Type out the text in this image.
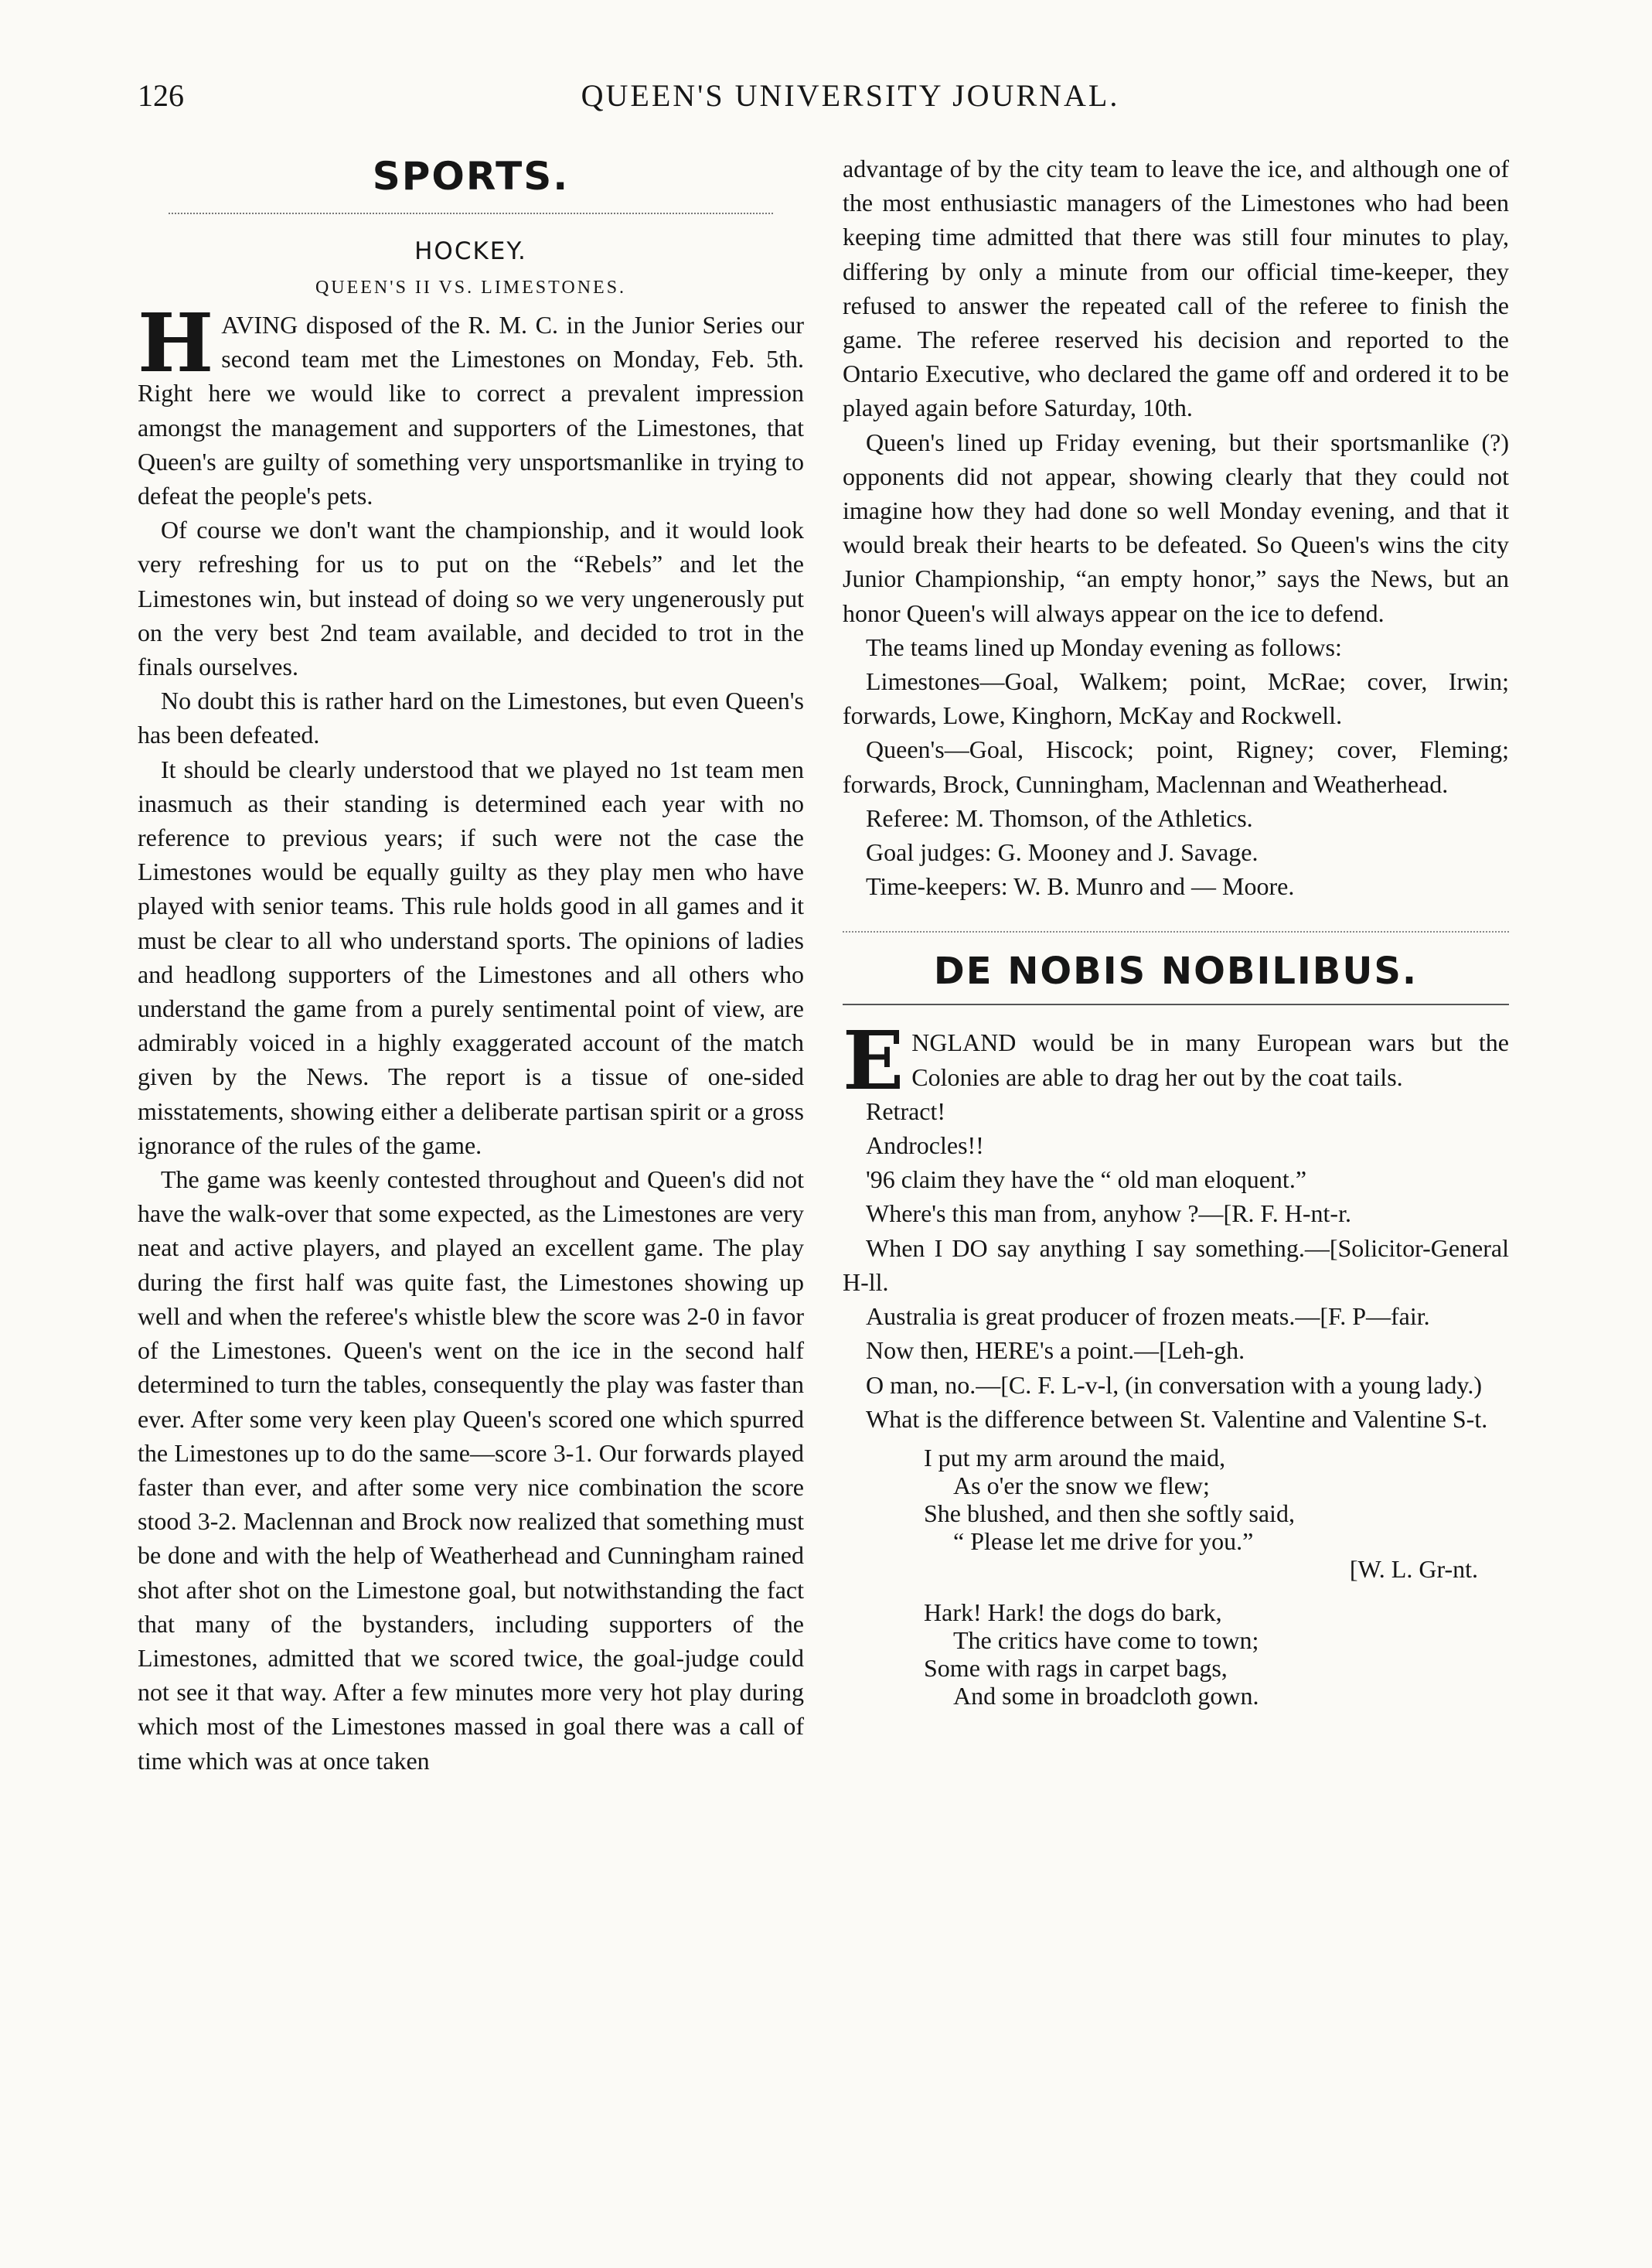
126	QUEEN'S UNIVERSITY JOURNAL.
SPORTS.
HOCKEY.
QUEEN'S II VS. LIMESTONES.

HAVING disposed of the R. M. C. in the Junior Series our second team met the Limestones on Monday, Feb. 5th. Right here we would like to correct a prevalent impression amongst the management and supporters of the Limestones, that Queen's are guilty of something very unsportsmanlike in trying to defeat the people's pets.

Of course we don't want the championship, and it would look very refreshing for us to put on the “Rebels” and let the Limestones win, but instead of doing so we very ungenerously put on the very best 2nd team available, and decided to trot in the finals ourselves.

No doubt this is rather hard on the Limestones, but even Queen's has been defeated.

It should be clearly understood that we played no 1st team men inasmuch as their standing is determined each year with no reference to previous years; if such were not the case the Limestones would be equally guilty as they play men who have played with senior teams. This rule holds good in all games and it must be clear to all who understand sports. The opinions of ladies and headlong supporters of the Limestones and all others who understand the game from a purely sentimental point of view, are admirably voiced in a highly exaggerated account of the match given by the News. The report is a tissue of one-sided misstatements, showing either a deliberate partisan spirit or a gross ignorance of the rules of the game.

The game was keenly contested throughout and Queen's did not have the walk-over that some expected, as the Limestones are very neat and active players, and played an excellent game. The play during the first half was quite fast, the Limestones showing up well and when the referee's whistle blew the score was 2-0 in favor of the Limestones. Queen's went on the ice in the second half determined to turn the tables, consequently the play was faster than ever. After some very keen play Queen's scored one which spurred the Limestones up to do the same—score 3-1. Our forwards played faster than ever, and after some very nice combination the score stood 3-2. Maclennan and Brock now realized that something must be done and with the help of Weatherhead and Cunningham rained shot after shot on the Limestone goal, but notwithstanding the fact that many of the bystanders, including supporters of the Limestones, admitted that we scored twice, the goal-judge could not see it that way. After a few minutes more very hot play during which most of the Limestones massed in goal there was a call of time which was at once taken

advantage of by the city team to leave the ice, and although one of the most enthusiastic managers of the Limestones who had been keeping time admitted that there was still four minutes to play, differing by only a minute from our official time-keeper, they refused to answer the repeated call of the referee to finish the game. The referee reserved his decision and reported to the Ontario Executive, who declared the game off and ordered it to be played again before Saturday, 10th.

Queen's lined up Friday evening, but their sportsmanlike (?) opponents did not appear, showing clearly that they could not imagine how they had done so well Monday evening, and that it would break their hearts to be defeated. So Queen's wins the city Junior Championship, “an empty honor,” says the News, but an honor Queen's will always appear on the ice to defend.

The teams lined up Monday evening as follows:

Limestones—Goal, Walkem; point, McRae; cover, Irwin; forwards, Lowe, Kinghorn, McKay and Rockwell.

Queen's—Goal, Hiscock; point, Rigney; cover, Fleming; forwards, Brock, Cunningham, Maclennan and Weatherhead.

Referee: M. Thomson, of the Athletics.

Goal judges: G. Mooney and J. Savage.

Time-keepers: W. B. Munro and — Moore.

DE NOBIS NOBILIBUS.

ENGLAND would be in many European wars but the Colonies are able to drag her out by the coat tails.

Retract!

Androcles!!

'96 claim they have the “ old man eloquent.”

Where's this man from, anyhow ?—[R. F. H-nt-r.

When I DO say anything I say something.—[Solicitor-General H-ll.

Australia is great producer of frozen meats.—[F. P—fair.

Now then, HERE's a point.—[Leh-gh.

O man, no.—[C. F. L-v-l, (in conversation with a young lady.)

What is the difference between St. Valentine and Valentine S-t.

I put my arm around the maid,
As o'er the snow we flew;
She blushed, and then she softly said,
“ Please let me drive for you.”
[W. L. Gr-nt.
Hark! Hark! the dogs do bark,
The critics have come to town;
Some with rags in carpet bags,
And some in broadcloth gown.
